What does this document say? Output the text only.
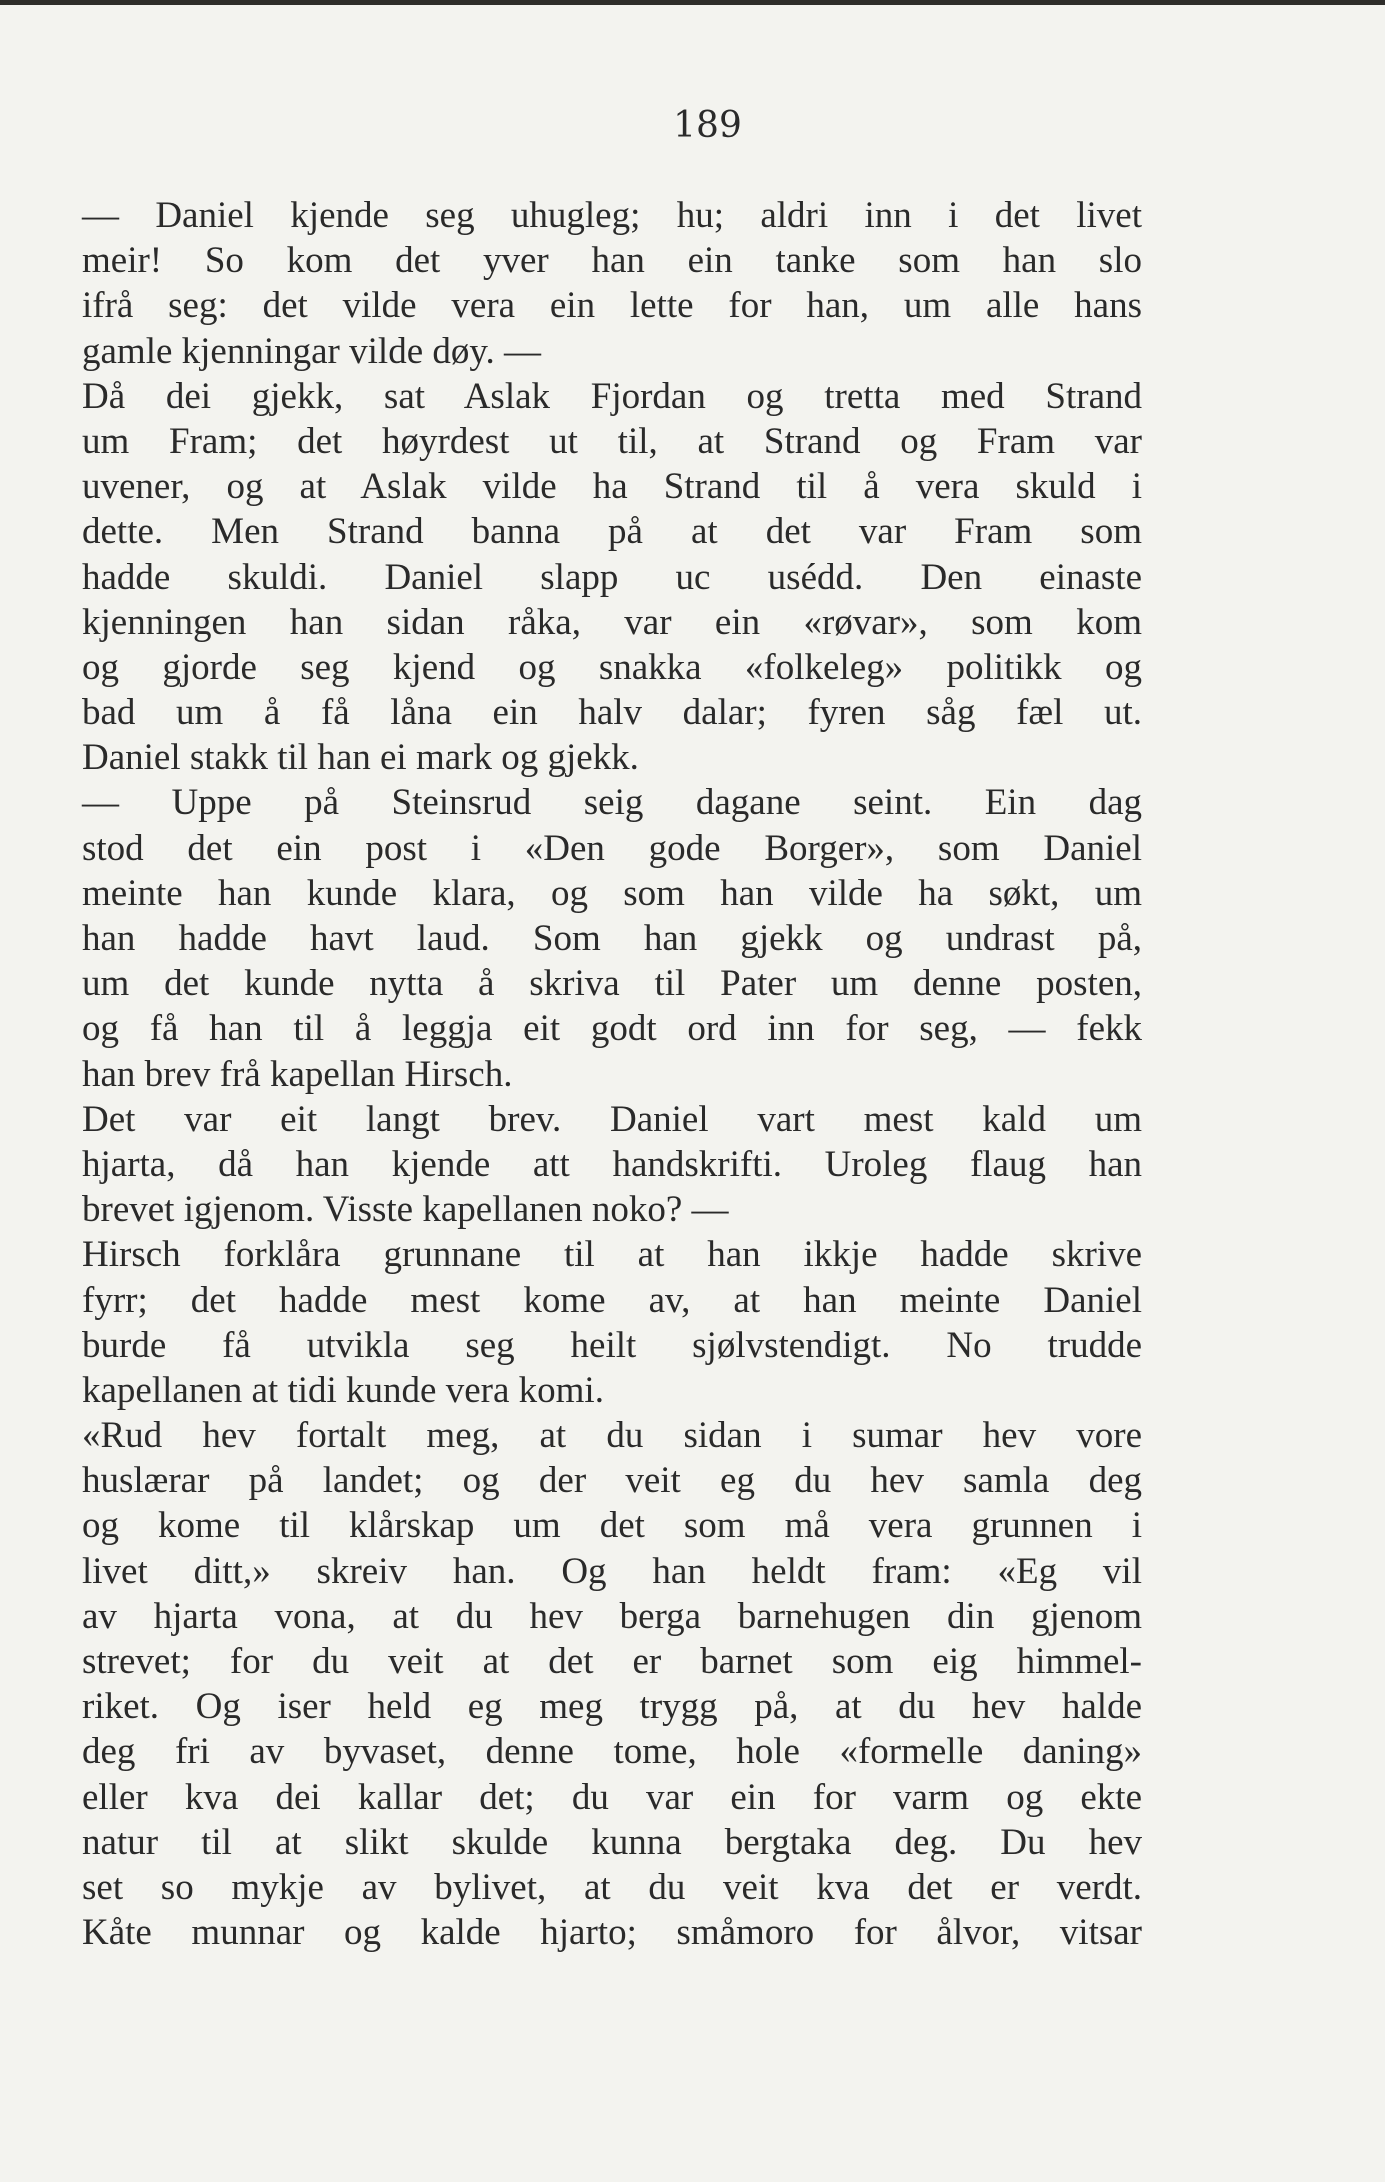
189

— Daniel kjende seg uhugleg; hu; aldri inn i det livet
meir! So kom det yver han ein tanke som han slo
ifrå seg: det vilde vera ein lette for han, um alle hans
gamle kjenningar vilde døy. —
Då dei gjekk, sat Aslak Fjordan og tretta med Strand
um Fram; det høyrdest ut til, at Strand og Fram var
uvener, og at Aslak vilde ha Strand til å vera skuld i
dette. Men Strand banna på at det var Fram som
hadde skuldi. Daniel slapp uc usédd. Den einaste
kjenningen han sidan råka, var ein «røvar», som kom
og gjorde seg kjend og snakka «folkeleg» politikk og
bad um å få låna ein halv dalar; fyren såg fæl ut.
Daniel stakk til han ei mark og gjekk.
— Uppe på Steinsrud seig dagane seint. Ein dag
stod det ein post i «Den gode Borger», som Daniel
meinte han kunde klara, og som han vilde ha søkt, um
han hadde havt laud. Som han gjekk og undrast på,
um det kunde nytta å skriva til Pater um denne posten,
og få han til å leggja eit godt ord inn for seg, — fekk
han brev frå kapellan Hirsch.
Det var eit langt brev. Daniel vart mest kald um
hjarta, då han kjende att handskrifti. Uroleg flaug han
brevet igjenom. Visste kapellanen noko? —
Hirsch forklåra grunnane til at han ikkje hadde skrive
fyrr; det hadde mest kome av, at han meinte Daniel
burde få utvikla seg heilt sjølvstendigt. No trudde
kapellanen at tidi kunde vera komi.
«Rud hev fortalt meg, at du sidan i sumar hev vore
huslærar på landet; og der veit eg du hev samla deg
og kome til klårskap um det som må vera grunnen i
livet ditt,» skreiv han. Og han heldt fram: «Eg vil
av hjarta vona, at du hev berga barnehugen din gjenom
strevet; for du veit at det er barnet som eig himmel-
riket. Og iser held eg meg trygg på, at du hev halde
deg fri av byvaset, denne tome, hole «formelle daning»
eller kva dei kallar det; du var ein for varm og ekte
natur til at slikt skulde kunna bergtaka deg. Du hev
set so mykje av bylivet, at du veit kva det er verdt.
Kåte munnar og kalde hjarto; småmoro for ålvor, vitsar
